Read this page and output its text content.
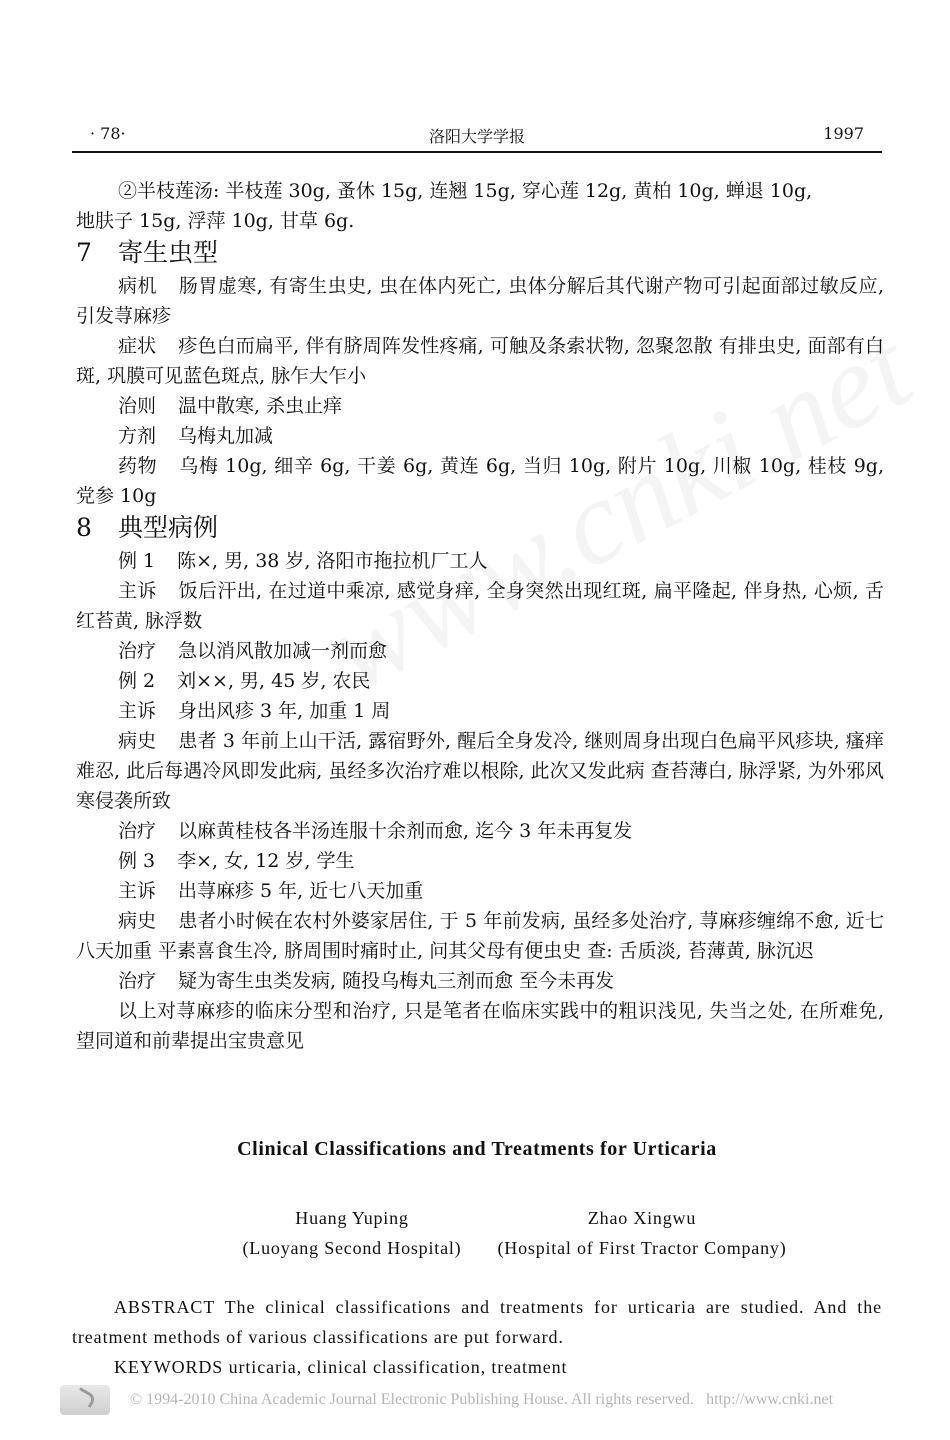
· 78·	洛阳大学学报	1997
②半枝莲汤: 半枝莲 30g, 蚤休 15g, 连翘 15g, 穿心莲 12g, 黄柏 10g, 蝉退 10g,
地肤子 15g, 浮萍 10g, 甘草 6g.
7 寄生虫型
病机 肠胃虚寒, 有寄生虫史, 虫在体内死亡, 虫体分解后其代谢产物可引起面部过敏反应, 引发荨麻疹
症状 疹色白而扁平, 伴有脐周阵发性疼痛, 可触及条索状物, 忽聚忽散 有排虫史, 面部有白斑, 巩膜可见蓝色斑点, 脉乍大乍小
治则 温中散寒, 杀虫止痒
方剂 乌梅丸加减
药物 乌梅 10g, 细辛 6g, 干姜 6g, 黄连 6g, 当归 10g, 附片 10g, 川椒 10g, 桂枝 9g, 党参 10g
8 典型病例
例 1 陈×, 男, 38 岁, 洛阳市拖拉机厂工人
主诉 饭后汗出, 在过道中乘凉, 感觉身痒, 全身突然出现红斑, 扁平隆起, 伴身热, 心烦, 舌红苔黄, 脉浮数
治疗 急以消风散加减一剂而愈
例 2 刘××, 男, 45 岁, 农民
主诉 身出风疹 3 年, 加重 1 周
病史 患者 3 年前上山干活, 露宿野外, 醒后全身发冷, 继则周身出现白色扁平风疹块, 瘙痒难忍, 此后每遇冷风即发此病, 虽经多次治疗难以根除, 此次又发此病 查苔薄白, 脉浮紧, 为外邪风寒侵袭所致
治疗 以麻黄桂枝各半汤连服十余剂而愈, 迄今 3 年未再复发
例 3 李×, 女, 12 岁, 学生
主诉 出荨麻疹 5 年, 近七八天加重
病史 患者小时候在农村外婆家居住, 于 5 年前发病, 虽经多处治疗, 荨麻疹缠绵不愈, 近七八天加重 平素喜食生冷, 脐周围时痛时止, 问其父母有便虫史 查: 舌质淡, 苔薄黄, 脉沉迟
治疗 疑为寄生虫类发病, 随投乌梅丸三剂而愈 至今未再发
以上对荨麻疹的临床分型和治疗, 只是笔者在临床实践中的粗识浅见, 失当之处, 在所难免, 望同道和前辈提出宝贵意见
Clinical Classifications and Treatments for Urticaria
Huang Yuping
(Luoyang Second Hospital)
Zhao Xingwu
(Hospital of First Tractor Company)
ABSTRACT The clinical classifications and treatments for urticaria are studied. And the treatment methods of various classifications are put forward.
KEYWORDS urticaria, clinical classification, treatment
© 1994-2010 China Academic Journal Electronic Publishing House. All rights reserved. http://www.cnki.net
